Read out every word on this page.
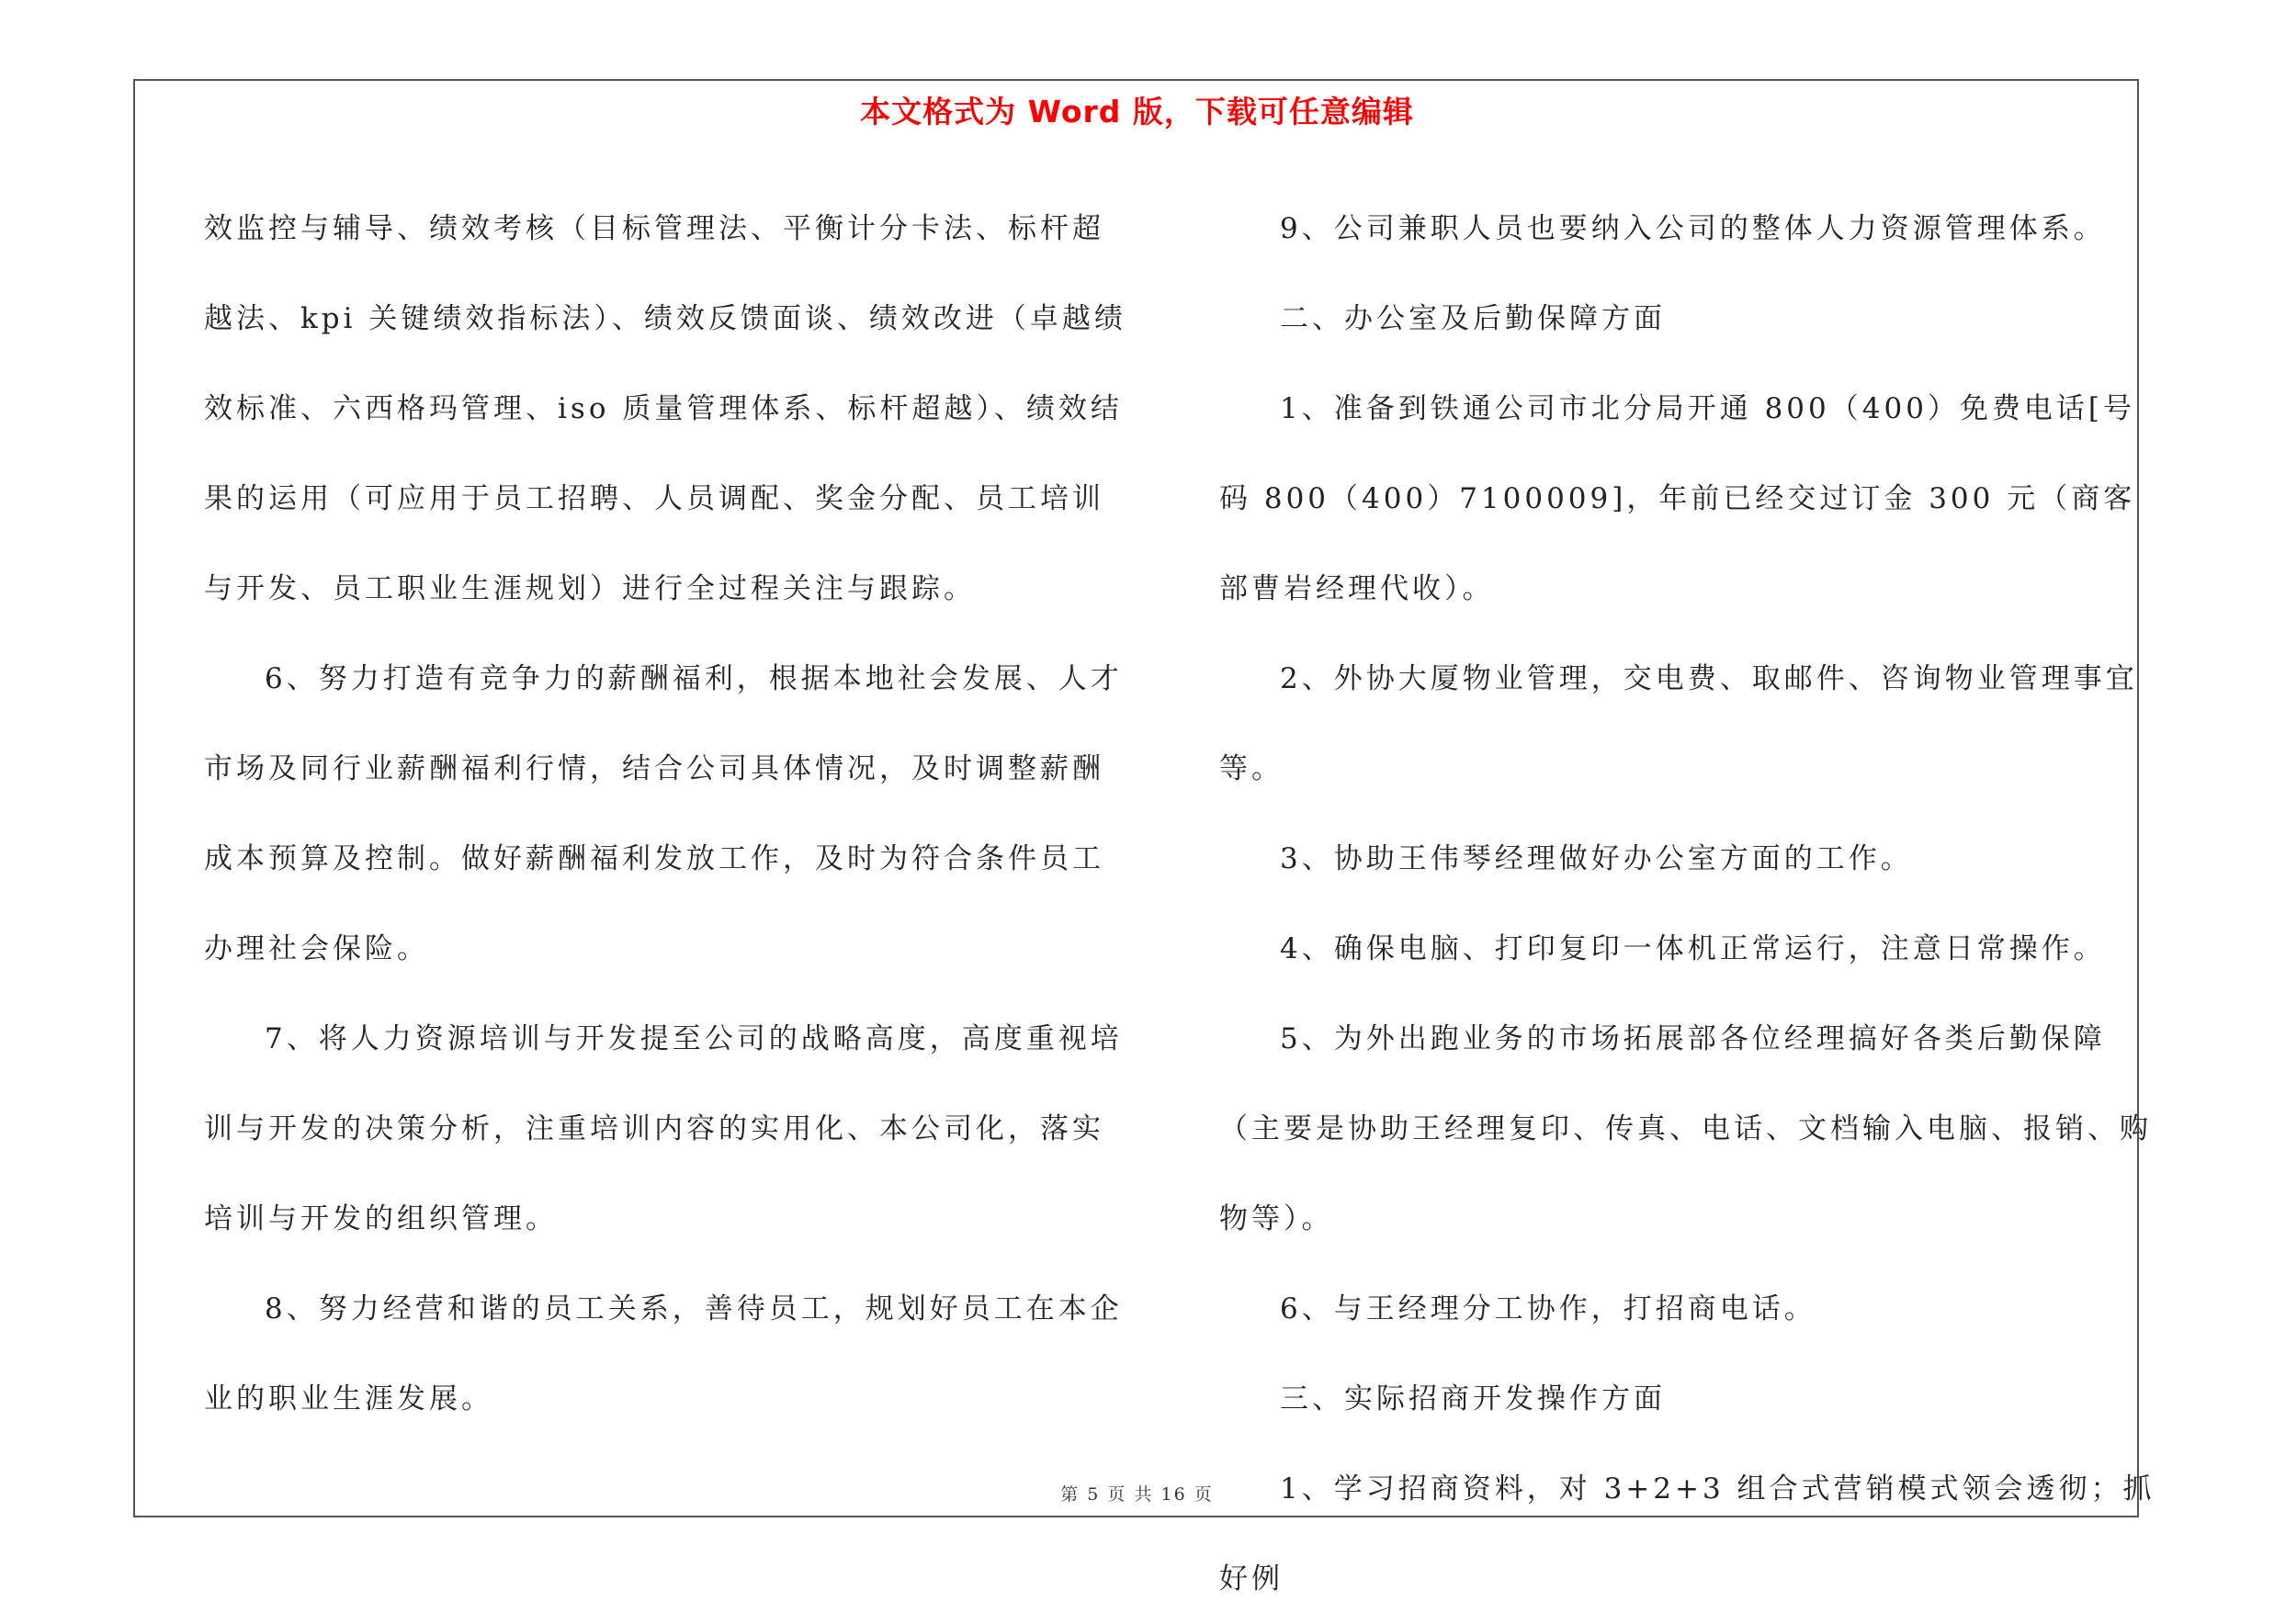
本文格式为 Word 版，下载可任意编辑

效监控与辅导、绩效考核（目标管理法、平衡计分卡法、标杆超越法、kpi 关键绩效指标法）、绩效反馈面谈、绩效改进（卓越绩效标准、六西格玛管理、iso 质量管理体系、标杆超越）、绩效结果的运用（可应用于员工招聘、人员调配、奖金分配、员工培训与开发、员工职业生涯规划）进行全过程关注与跟踪。

6、努力打造有竞争力的薪酬福利，根据本地社会发展、人才市场及同行业薪酬福利行情，结合公司具体情况，及时调整薪酬成本预算及控制。做好薪酬福利发放工作，及时为符合条件员工办理社会保险。

7、将人力资源培训与开发提至公司的战略高度，高度重视培训与开发的决策分析，注重培训内容的实用化、本公司化，落实培训与开发的组织管理。

8、努力经营和谐的员工关系，善待员工，规划好员工在本企业的职业生涯发展。

9、公司兼职人员也要纳入公司的整体人力资源管理体系。

二、办公室及后勤保障方面

1、准备到铁通公司市北分局开通 800（400）免费电话[号码 800（400）7100009]，年前已经交过订金 300 元（商客部曹岩经理代收）。

2、外协大厦物业管理，交电费、取邮件、咨询物业管理事宜等。

3、协助王伟琴经理做好办公室方面的工作。

4、确保电脑、打印复印一体机正常运行，注意日常操作。

5、为外出跑业务的市场拓展部各位经理搞好各类后勤保障（主要是协助王经理复印、传真、电话、文档输入电脑、报销、购物等）。

6、与王经理分工协作，打招商电话。

三、实际招商开发操作方面

1、学习招商资料，对 3+2+3 组合式营销模式领会透彻；抓好例

第 5 页 共 16 页
